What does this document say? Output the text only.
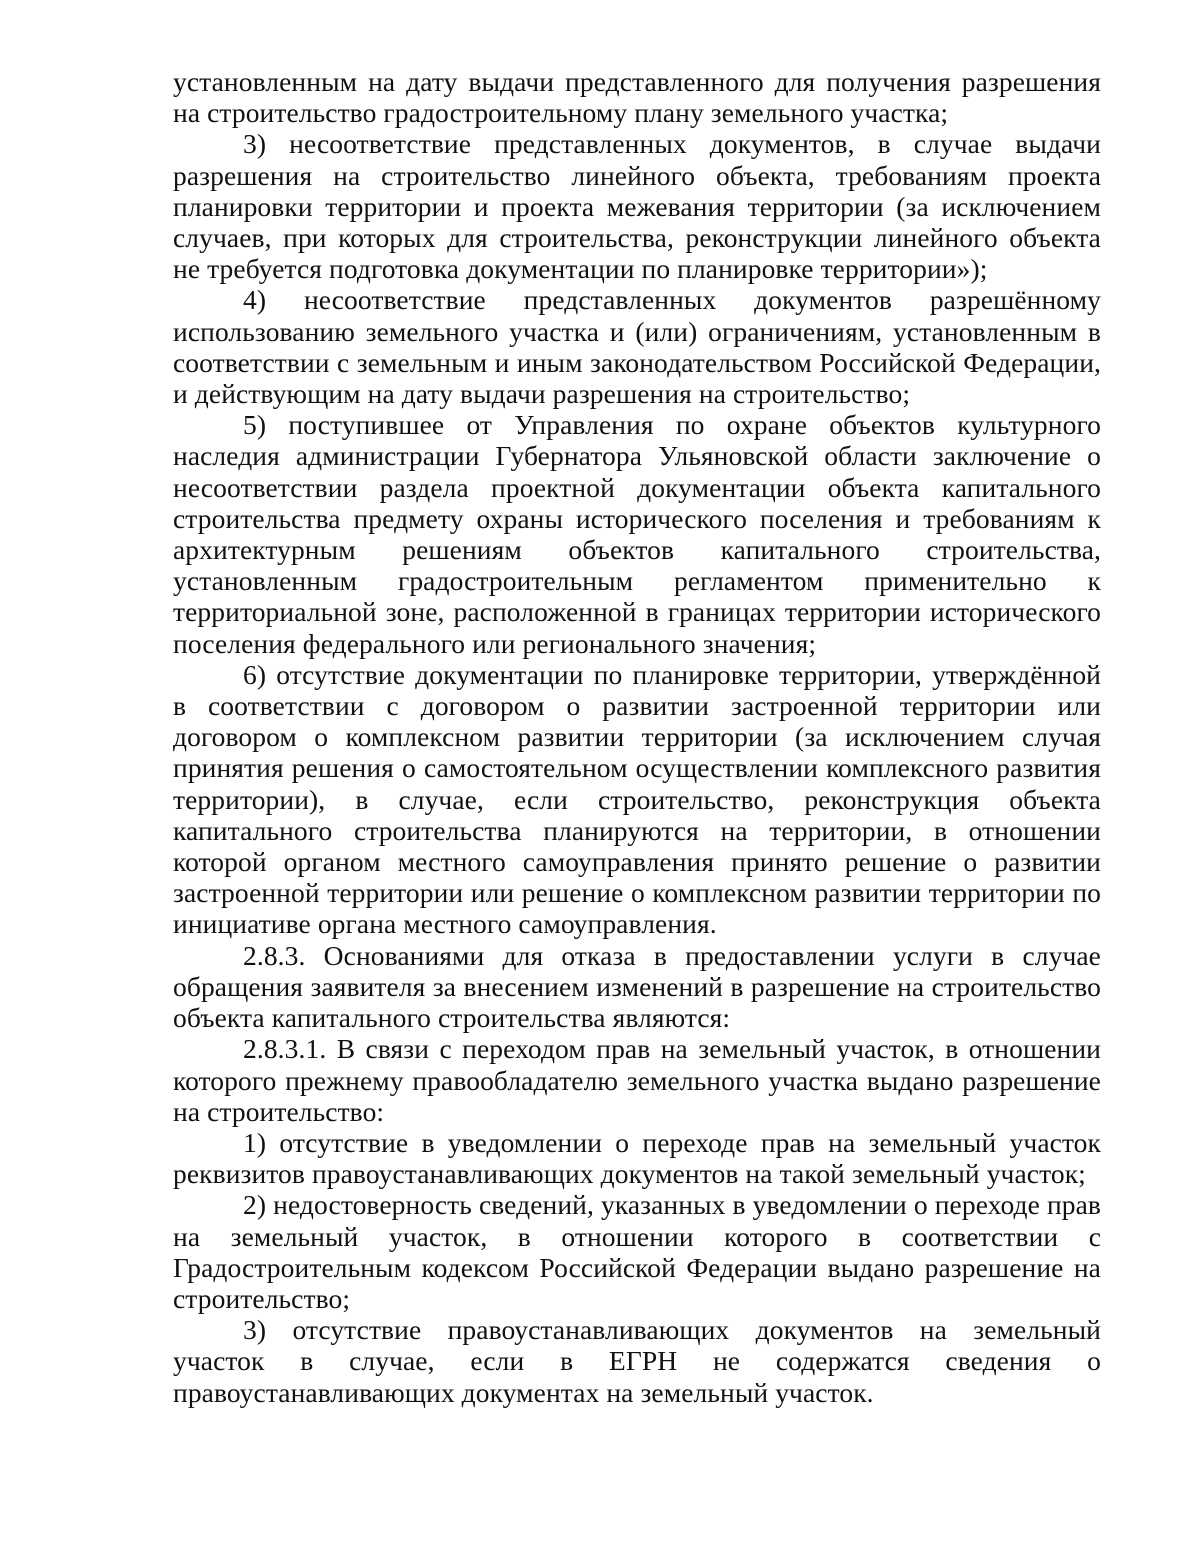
установленным на дату выдачи представленного для получения разрешения на строительство градостроительному плану земельного участка;

3) несоответствие представленных документов, в случае выдачи разрешения на строительство линейного объекта, требованиям проекта планировки территории и проекта межевания территории (за исключением случаев, при которых для строительства, реконструкции линейного объекта не требуется подготовка документации по планировке территории»);

4) несоответствие представленных документов разрешённому использованию земельного участка и (или) ограничениям, установленным в соответствии с земельным и иным законодательством Российской Федерации, и действующим на дату выдачи разрешения на строительство;

5) поступившее от Управления по охране объектов культурного наследия администрации Губернатора Ульяновской области заключение о несоответствии раздела проектной документации объекта капитального строительства предмету охраны исторического поселения и требованиям к архитектурным решениям объектов капитального строительства, установленным градостроительным регламентом применительно к территориальной зоне, расположенной в границах территории исторического поселения федерального или регионального значения;

6) отсутствие документации по планировке территории, утверждённой в соответствии с договором о развитии застроенной территории или договором о комплексном развитии территории (за исключением случая принятия решения о самостоятельном осуществлении комплексного развития территории), в случае, если строительство, реконструкция объекта капитального строительства планируются на территории, в отношении которой органом местного самоуправления принято решение о развитии застроенной территории или решение о комплексном развитии территории по инициативе органа местного самоуправления.

2.8.3. Основаниями для отказа в предоставлении услуги в случае обращения заявителя за внесением изменений в разрешение на строительство объекта капитального строительства являются:

2.8.3.1. В связи с переходом прав на земельный участок, в отношении которого прежнему правообладателю земельного участка выдано разрешение на строительство:

1) отсутствие в уведомлении о переходе прав на земельный участок реквизитов правоустанавливающих документов на такой земельный участок;

2) недостоверность сведений, указанных в уведомлении о переходе прав на земельный участок, в отношении которого в соответствии с Градостроительным кодексом Российской Федерации выдано разрешение на строительство;

3) отсутствие правоустанавливающих документов на земельный участок в случае, если в ЕГРН не содержатся сведения о правоустанавливающих документах на земельный участок.
